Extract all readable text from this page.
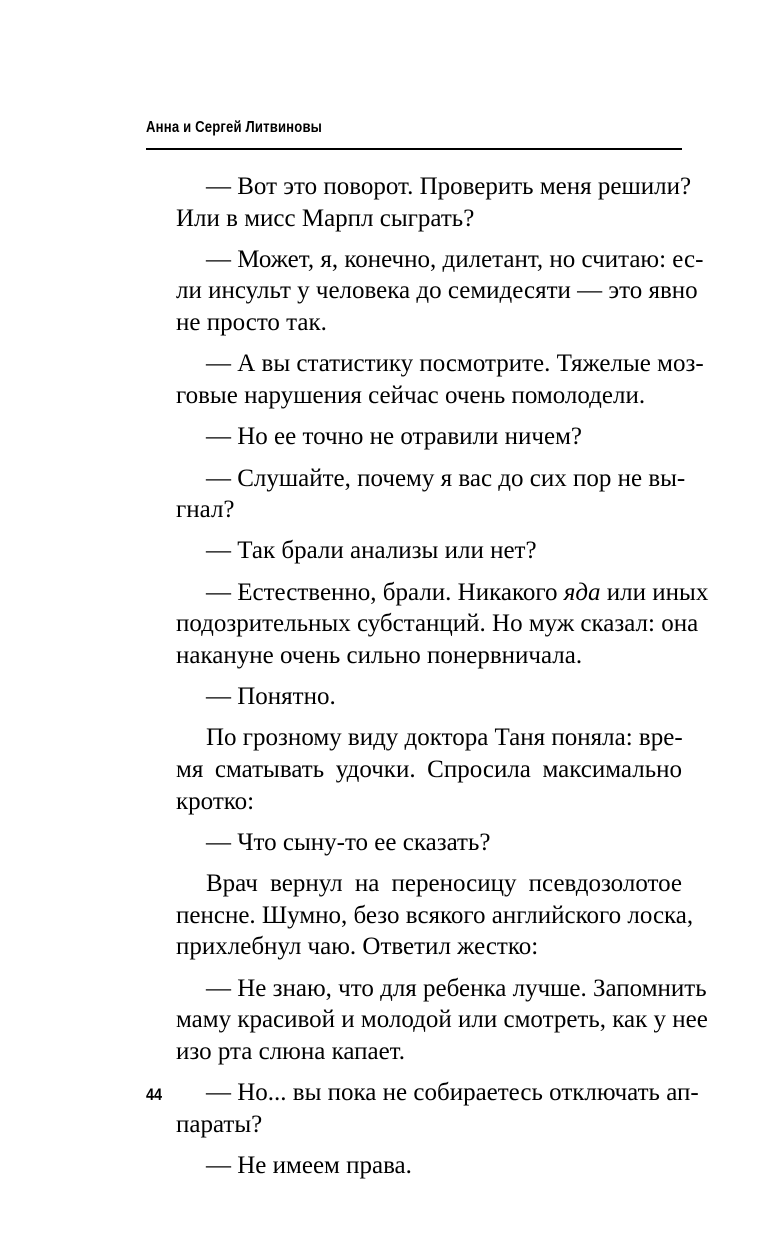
Анна и Сергей Литвиновы
— Вот это поворот. Проверить меня решили?
Или в мисс Марпл сыграть?
— Может, я, конечно, дилетант, но считаю: ес-
ли инсульт у человека до семидесяти — это явно
не просто так.
— А вы статистику посмотрите. Тяжелые моз-
говые нарушения сейчас очень помолодели.
— Но ее точно не отравили ничем?
— Слушайте, почему я вас до сих пор не вы-
гнал?
— Так брали анализы или нет?
— Естественно, брали. Никакого яда или иных
подозрительных субстанций. Но муж сказал: она
накануне очень сильно понервничала.
— Понятно.
По грозному виду доктора Таня поняла: вре-
мя сматывать удочки. Спросила максимально
кротко:
— Что сыну-то ее сказать?
Врач вернул на переносицу псевдозолотое
пенсне. Шумно, безо всякого английского лоска,
прихлебнул чаю. Ответил жестко:
— Не знаю, что для ребенка лучше. Запомнить
маму красивой и молодой или смотреть, как у нее
изо рта слюна капает.
— Но... вы пока не собираетесь отключать ап-
параты?
— Не имеем права.
44
